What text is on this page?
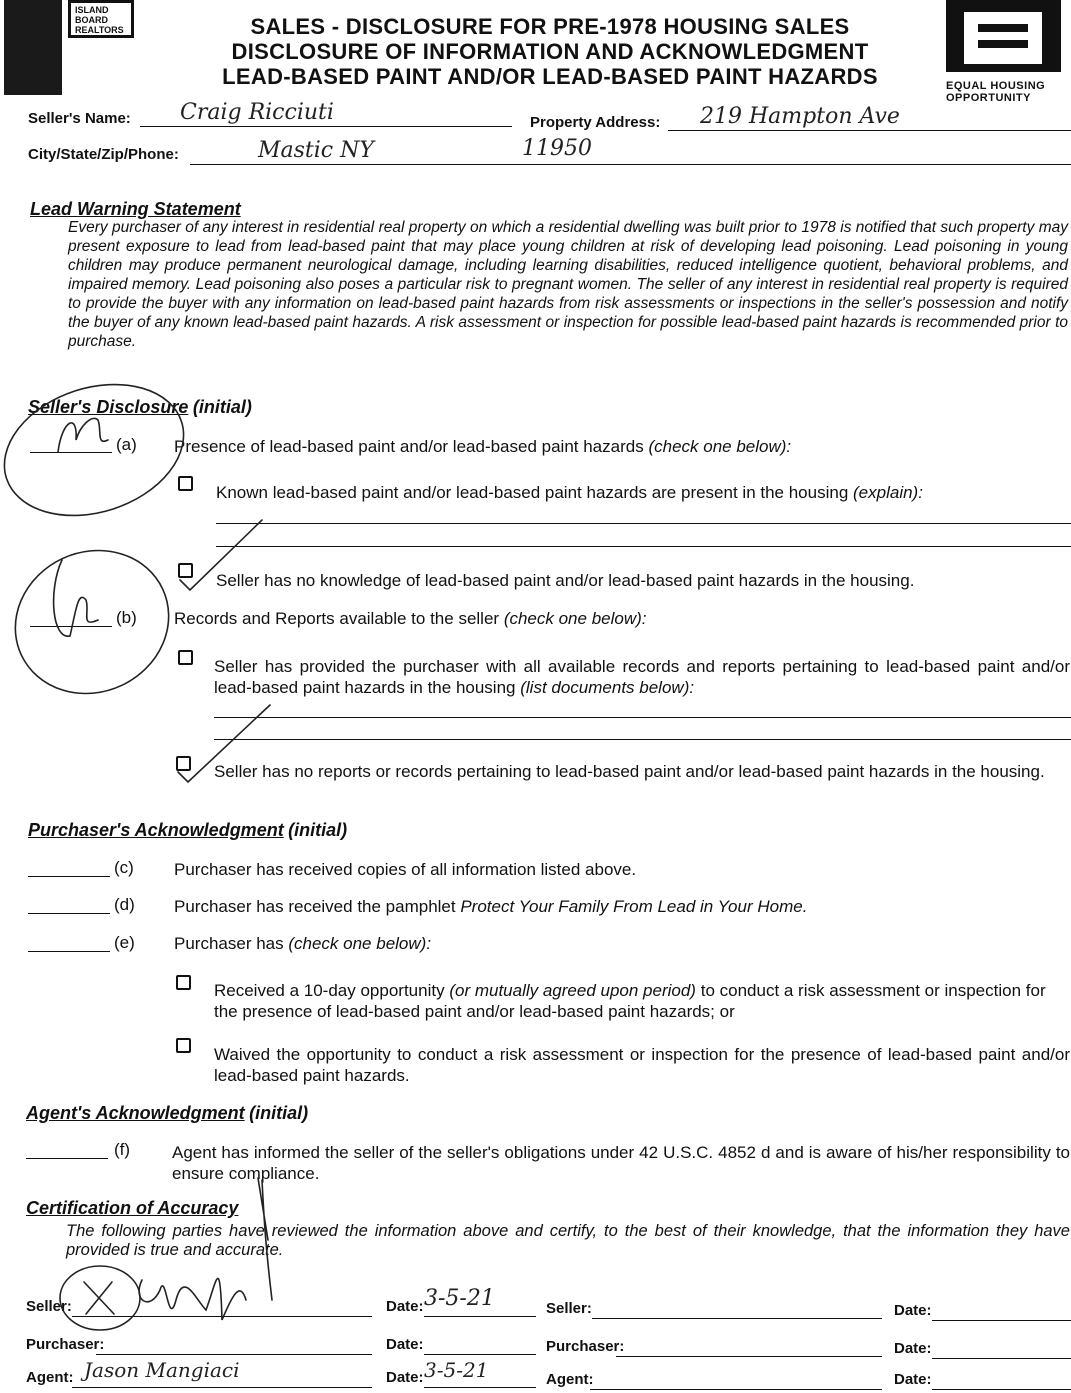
ISLAND
BOARD
REALTORS	SALES - DISCLOSURE FOR PRE-1978 HOUSING SALES
DISCLOSURE OF INFORMATION AND ACKNOWLEDGMENT
LEAD-BASED PAINT AND/OR LEAD-BASED PAINT HAZARDS	EQUAL HOUSING
OPPORTUNITY
Seller's Name: Craig Ricciuti	Property Address: 219 Hampton Ave
City/State/Zip/Phone:	Mastic NY	11950
Lead Warning Statement
Every purchaser of any interest in residential real property on which a residential dwelling was built prior to 1978 is notified that such property may present exposure to lead from lead-based paint that may place young children at risk of developing lead poisoning. Lead poisoning in young children may produce permanent neurological damage, including learning disabilities, reduced intelligence quotient, behavioral problems, and impaired memory. Lead poisoning also poses a particular risk to pregnant women. The seller of any interest in residential real property is required to provide the buyer with any information on lead-based paint hazards from risk assessments or inspections in the seller's possession and notify the buyer of any known lead-based paint hazards. A risk assessment or inspection for possible lead-based paint hazards is recommended prior to purchase.
Seller's Disclosure (initial)
(a) Presence of lead-based paint and/or lead-based paint hazards (check one below):
Known lead-based paint and/or lead-based paint hazards are present in the housing (explain):
Seller has no knowledge of lead-based paint and/or lead-based paint hazards in the housing.
(b) Records and Reports available to the seller (check one below):
Seller has provided the purchaser with all available records and reports pertaining to lead-based paint and/or lead-based paint hazards in the housing (list documents below):
Seller has no reports or records pertaining to lead-based paint and/or lead-based paint hazards in the housing.
Purchaser's Acknowledgment (initial)
(c) Purchaser has received copies of all information listed above.
(d) Purchaser has received the pamphlet Protect Your Family From Lead in Your Home.
(e) Purchaser has (check one below):
Received a 10-day opportunity (or mutually agreed upon period) to conduct a risk assessment or inspection for the presence of lead-based paint and/or lead-based paint hazards; or
Waived the opportunity to conduct a risk assessment or inspection for the presence of lead-based paint and/or lead-based paint hazards.
Agent's Acknowledgment (initial)
(f) Agent has informed the seller of the seller's obligations under 42 U.S.C. 4852 d and is aware of his/her responsibility to ensure compliance.
Certification of Accuracy
The following parties have reviewed the information above and certify, to the best of their knowledge, that the information they have provided is true and accurate.
Seller:	Date: 3-5-21	Seller:	Date:
Purchaser:	Date:	Purchaser:	Date:
Agent: Jason Mangiaci	Date: 3-5-21	Agent:	Date:
